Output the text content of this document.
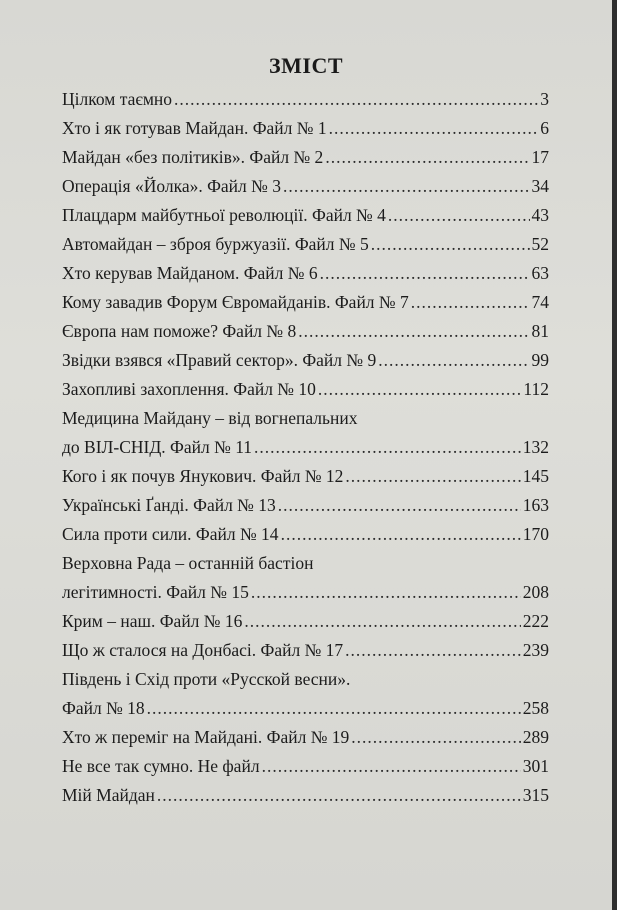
ЗМІСТ
Цілком таємно .....	3
Хто і як готував Майдан. Файл № 1 .....	6
Майдан «без політиків». Файл № 2 .....	17
Операція «Йолка». Файл № 3 .....	34
Плацдарм майбутньої революції. Файл № 4 .....	43
Автомайдан – зброя буржуазії. Файл № 5 .....	52
Хто керував Майданом. Файл № 6 .....	63
Кому завадив Форум Євромайданів. Файл № 7 .....	74
Європа нам поможе? Файл № 8 .....	81
Звідки взявся «Правий сектор». Файл № 9 .....	99
Захопливі захоплення. Файл № 10 .....	112
Медицина Майдану – від вогнепальних
до ВІЛ-СНІД. Файл № 11 .....	132
Кого і як почув Янукович. Файл № 12 .....	145
Українські Ґанді. Файл № 13 .....	163
Сила проти сили. Файл № 14 .....	170
Верховна Рада – останній бастіон
легітимності. Файл № 15 .....	208
Крим – наш. Файл № 16 .....	222
Що ж сталося на Донбасі. Файл № 17 .....	239
Південь і Схід проти «Русской весни».
Файл № 18 .....	258
Хто ж переміг на Майдані. Файл № 19 .....	289
Не все так сумно. Не файл .....	301
Мій Майдан .....	315
